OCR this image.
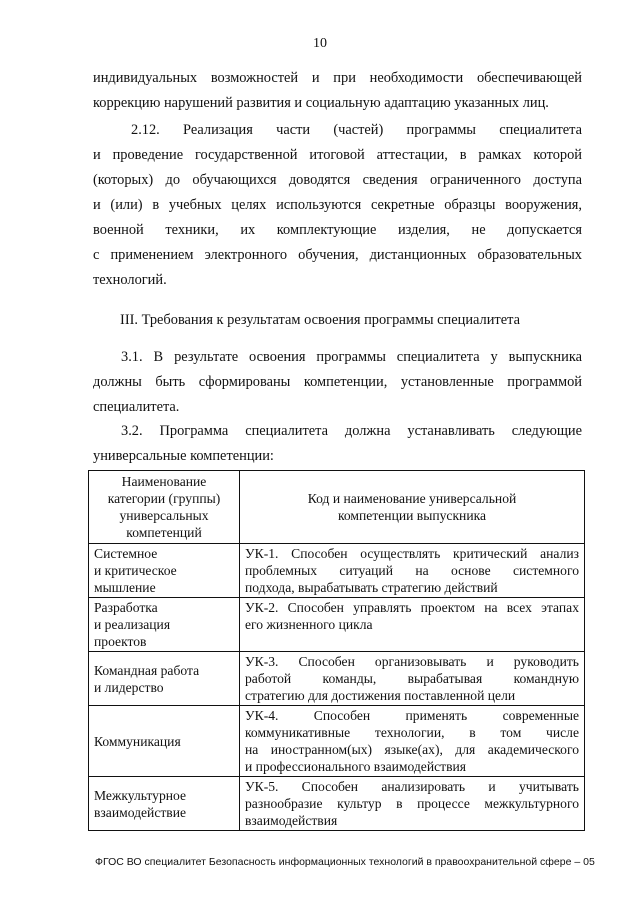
10
индивидуальных возможностей и при необходимости обеспечивающей
коррекцию нарушений развития и социальную адаптацию указанных лиц.
2.12. Реализация части (частей) программы специалитета
и проведение государственной итоговой аттестации, в рамках которой
(которых) до обучающихся доводятся сведения ограниченного доступа
и (или) в учебных целях используются секретные образцы вооружения,
военной техники, их комплектующие изделия, не допускается
с применением электронного обучения, дистанционных образовательных
технологий.
III. Требования к результатам освоения программы специалитета
3.1. В результате освоения программы специалитета у выпускника
должны быть сформированы компетенции, установленные программой
специалитета.
3.2. Программа специалитета должна устанавливать следующие
универсальные компетенции:
Наименование
категории (группы)
универсальных
компетенций	Код и наименование универсальной
компетенции выпускника

Системное
и критическое
мышление	УК-1. Способен осуществлять критический анализ
проблемных ситуаций на основе системного
подхода, вырабатывать стратегию действий

Разработка
и реализация
проектов	УК-2. Способен управлять проектом на всех этапах
его жизненного цикла

Командная работа
и лидерство	УК-3. Способен организовывать и руководить
работой команды, вырабатывая командную
стратегию для достижения поставленной цели

Коммуникация	УК-4. Способен применять современные
коммуникативные технологии, в том числе
на иностранном(ых) языке(ах), для академического
и профессионального взаимодействия

Межкультурное
взаимодействие	УК-5. Способен анализировать и учитывать
разнообразие культур в процессе межкультурного
взаимодействия
ФГОС ВО специалитет Безопасность информационных технологий в правоохранительной сфере – 05
